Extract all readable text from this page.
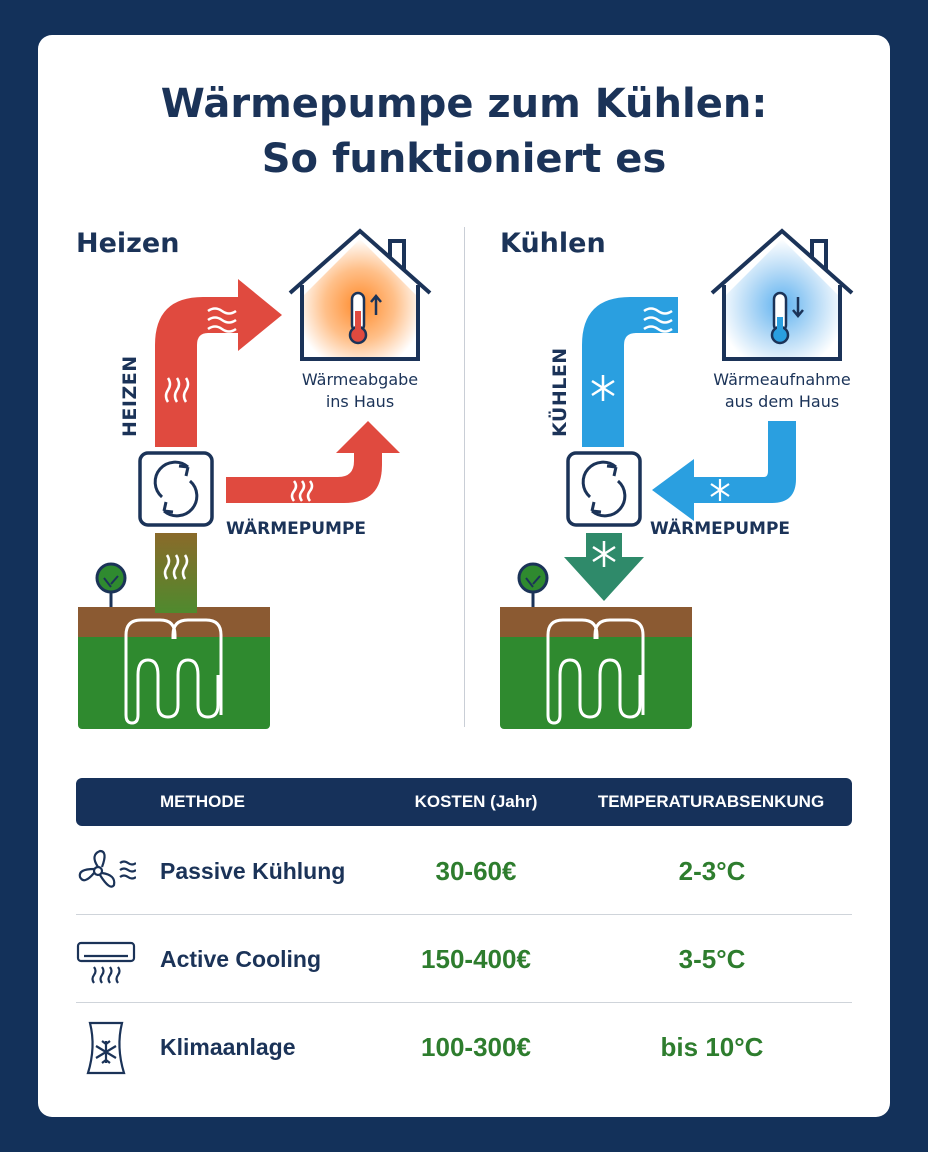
Wärmepumpe zum Kühlen:
So funktioniert es
Heizen	Kühlen
HEIZEN	Wärmeabgabe
ins Haus
WÄRMEPUMPE
KÜHLEN	Wärmeaufnahme
aus dem Haus
WÄRMEPUMPE
METHODE	KOSTEN (Jahr)	TEMPERATURABSENKUNG
Passive Kühlung	30-60€	2-3°C
Active Cooling	150-400€	3-5°C
Klimaanlage	100-300€	bis 10°C
